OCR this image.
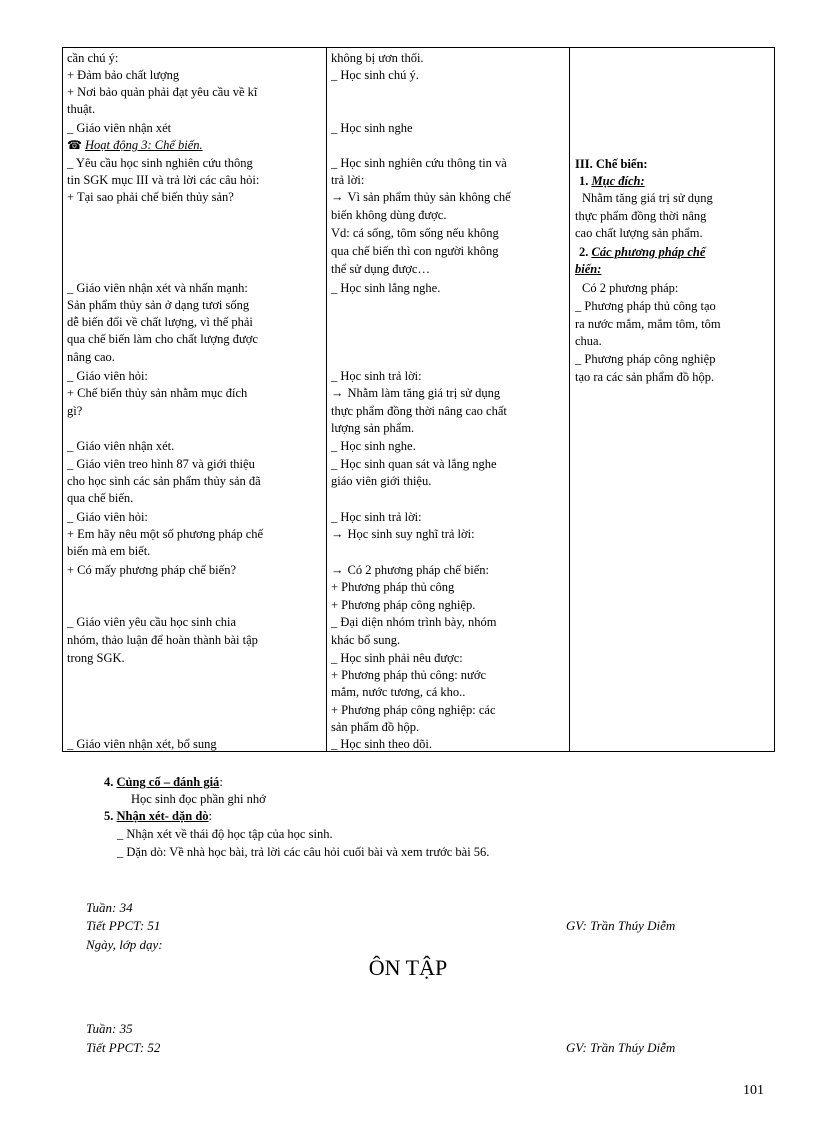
cần chú ý:
+ Đảm bảo chất lượng
+ Nơi bảo quản phải đạt yêu cầu về kĩ
thuật.
_ Giáo viên nhận xét
☎ Hoạt động 3: Chế biến.
_ Yêu cầu học sinh nghiên cứu thông
tin SGK mục III và trả lời các câu hỏi:
+ Tại sao phải chế biến thủy sản?
_ Giáo viên nhận xét và nhấn mạnh:
Sản phẩm thủy sản ở dạng tươi sống
dễ biến đổi về chất lượng, vì thế phải
qua chế biến làm cho chất lượng được
nâng cao.
_ Giáo viên hỏi:
+ Chế biến thủy sản nhằm mục đích
gì?
_ Giáo viên nhận xét.
_ Giáo viên treo hình 87 và giới thiệu
cho học sinh các sản phẩm thủy sản đã
qua chế biến.
_ Giáo viên hỏi:
+ Em hãy nêu một số phương pháp chế
biến mà em biết.
+ Có mấy phương pháp chế biến?
_ Giáo viên yêu cầu học sinh chia
nhóm, thảo luận để hoàn thành bài tập
trong SGK.
_ Giáo viên nhận xét, bổ sung
không bị ươn thối.
_ Học sinh chú ý.
_ Học sinh nghe
_ Học sinh nghiên cứu thông tin và
trả lời:
→ Vì sản phẩm thủy sản không chế
biến không dùng được.
Vd: cá sống, tôm sống nếu không
qua chế biến thì con người không
thể sử dụng được…
_ Học sinh lắng nghe.
_ Học sinh trả lời:
→ Nhằm làm tăng giá trị sử dụng
thực phẩm đồng thời nâng cao chất
lượng sản phẩm.
_ Học sinh nghe.
_ Học sinh quan sát và lắng nghe
giáo viên giới thiệu.
_ Học sinh trả lời:
→ Học sinh suy nghĩ trả lời:
→ Có 2 phương pháp chế biến:
+ Phương pháp thủ công
+ Phương pháp công nghiệp.
_ Đại diện nhóm trình bày, nhóm
khác bổ sung.
_ Học sinh phải nêu được:
+ Phương pháp thủ công: nước
mắm, nước tương, cá kho..
+ Phương pháp công nghiệp: các
sản phẩm đồ hộp.
_ Học sinh theo dõi.
III. Chế biến:
1. Mục đích:
Nhằm tăng giá trị sử dụng
thực phẩm đồng thời nâng
cao chất lượng sản phẩm.
2. Các phương pháp chế
biến:
Có 2 phương pháp:
_ Phương pháp thủ công tạo
ra nước mắm, mắm tôm, tôm
chua.
_ Phương pháp công nghiệp
tạo ra các sản phẩm đồ hộp.
4. Củng cố – đánh giá:
Học sinh đọc phần ghi nhớ
5. Nhận xét- dặn dò:
_ Nhận xét về thái độ học tập của học sinh.
_ Dặn dò: Về nhà học bài, trả lời các câu hỏi cuối bài và xem trước bài 56.
Tuần: 34
Tiết PPCT: 51	GV: Trần Thúy Diễm
Ngày, lớp dạy:
ÔN TẬP
Tuần: 35
Tiết PPCT: 52	GV: Trần Thúy Diễm
101
